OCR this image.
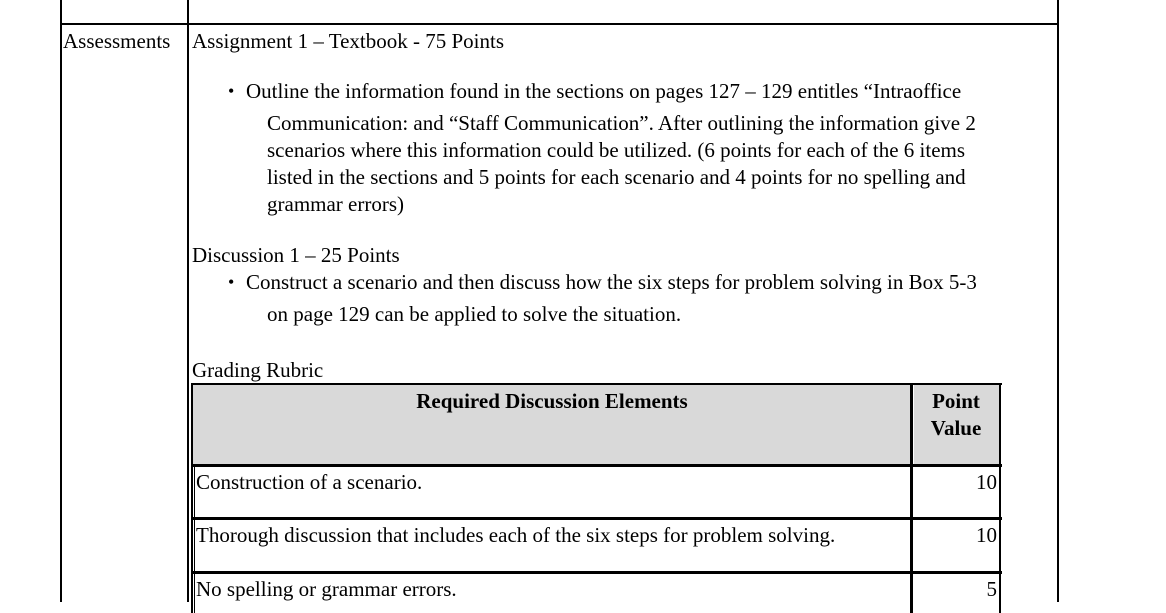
Assessments Assignment 1 – Textbook - 75 Points
• Outline the information found in the sections on pages 127 – 129 entitles “Intraoffice
Communication: and “Staff Communication”. After outlining the information give 2
scenarios where this information could be utilized. (6 points for each of the 6 items
listed in the sections and 5 points for each scenario and 4 points for no spelling and
grammar errors)
Discussion 1 – 25 Points
• Construct a scenario and then discuss how the six steps for problem solving in Box 5-3
on page 129 can be applied to solve the situation.
Grading Rubric
Required Discussion Elements	Point
Value
Construction of a scenario.	10
Thorough discussion that includes each of the six steps for problem solving.	10
No spelling or grammar errors.	5
